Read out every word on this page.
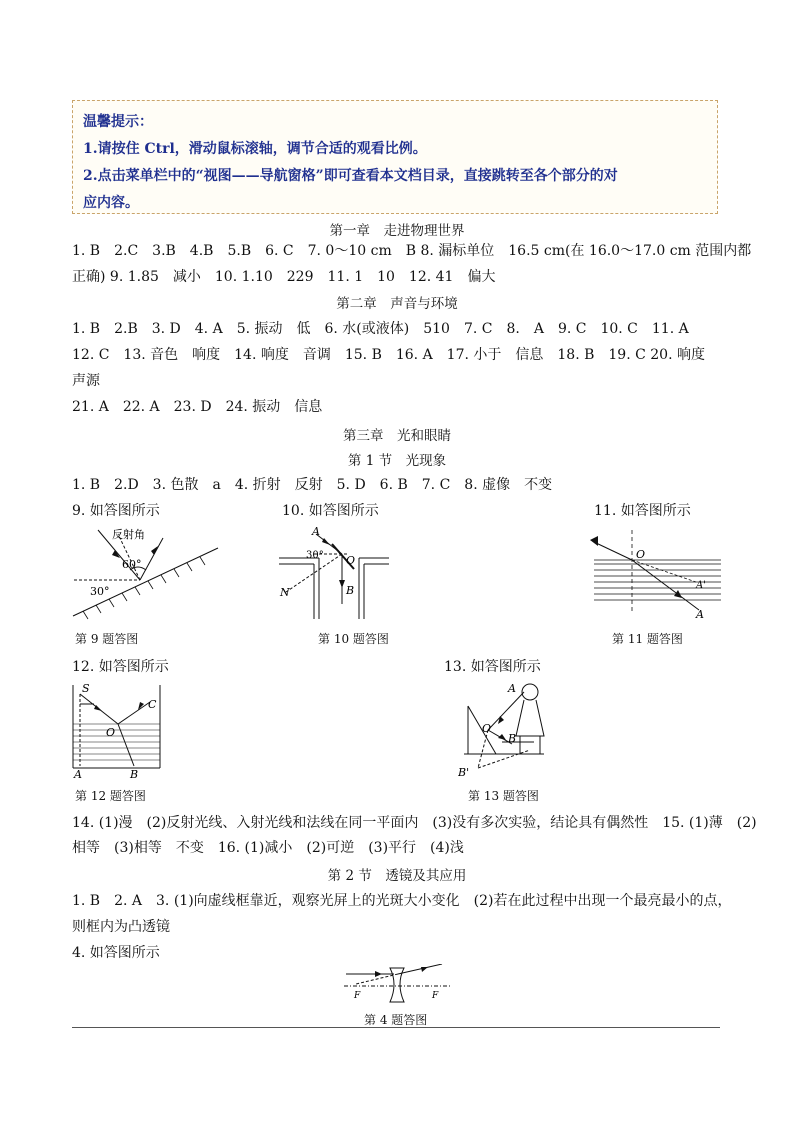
温馨提示：
1.请按住 Ctrl，滑动鼠标滚轴，调节合适的观看比例。
2.点击菜单栏中的“视图——导航窗格”即可查看本文档目录，直接跳转至各个部分的对
应内容。
第一章　走进物理世界
1. B　2.C　3.B　4.B　5.B　6. C　7. 0～10 cm　B 8. 漏标单位　16.5 cm(在 16.0～17.0 cm 范围内都
正确) 9. 1.85　减小　10. 1.10　229　11. 1　10　12. 41　偏大
第二章　声音与环境
1. B　2.B　3. D　4. A　5. 振动　低　6. 水(或液体)　510　7. C　8.　A　9. C　10. C　11. A
12. C　13. 音色　响度　14. 响度　音调　15. B　16. A　17. 小于　信息　18. B　19. C 20. 响度
声源
21. A　22. A　23. D　24. 振动　信息
第三章　光和眼睛
第 1 节　光现象
1. B　2.D　3. 色散　a　4. 折射　反射　5. D　6. B　7. C　8. 虚像　不变
9. 如答图所示	10. 如答图所示	11. 如答图所示
反射角
60°
30°
第 9 题答图
A
30° O
B
N
第 10 题答图
O
A'
A
第 11 题答图
12. 如答图所示	13. 如答图所示
S
O
C
A	B
第 12 题答图
A
O
B
B'
第 13 题答图
14. (1)漫　(2)反射光线、入射光线和法线在同一平面内　(3)没有多次实验，结论具有偶然性　15. (1)薄　(2)
相等　(3)相等　不变　16. (1)减小　(2)可逆　(3)平行　(4)浅
第 2 节　透镜及其应用
1. B　2. A　3. (1)向虚线框靠近，观察光屏上的光斑大小变化　(2)若在此过程中出现一个最亮最小的点，
则框内为凸透镜
4. 如答图所示
F	F
第 4 题答图
